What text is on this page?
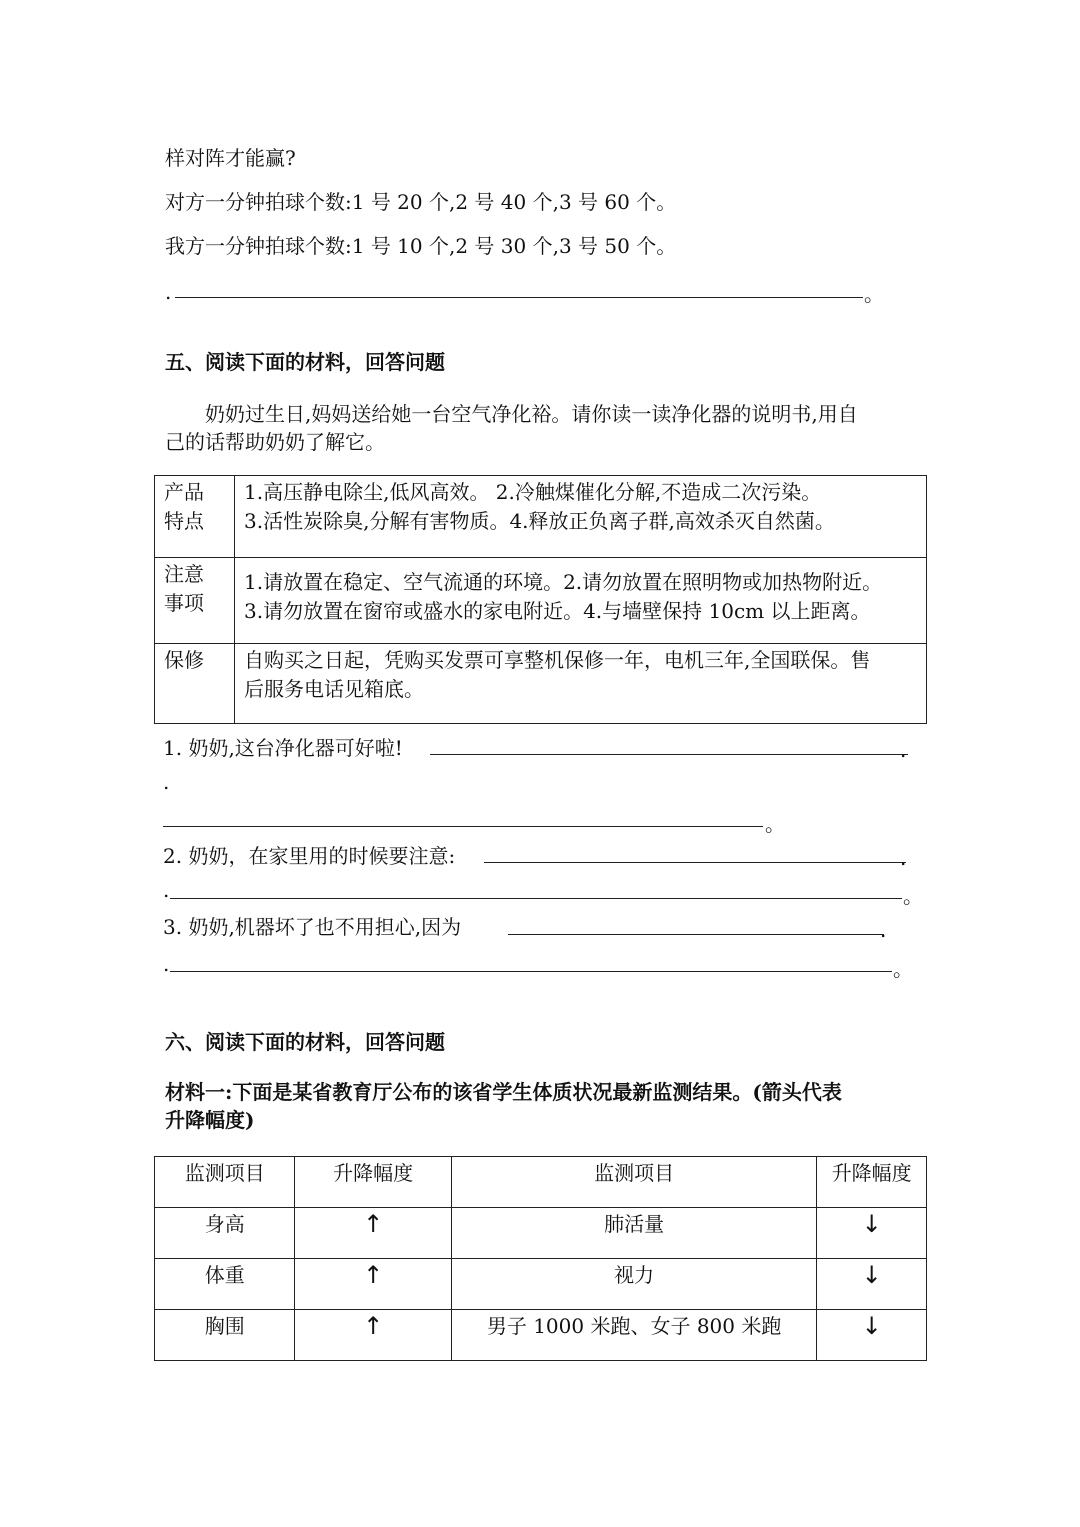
样对阵才能赢?
对方一分钟拍球个数:1 号 20 个,2 号 40 个,3 号 60 个。
我方一分钟拍球个数:1 号 10 个,2 号 30 个,3 号 50 个。
.	。
五、阅读下面的材料，回答问题
奶奶过生日,妈妈送给她一台空气净化裕。请你读一读净化器的说明书,用自
己的话帮助奶奶了解它。
产品
特点	1.高压静电除尘,低风高效。 2.冷触煤催化分解,不造成二次污染。
3.活性炭除臭,分解有害物质。4.释放正负离子群,高效杀灭自然菌。

注意
事项	1.请放置在稳定、空气流通的环境。2.请勿放置在照明物或加热物附近。
3.请勿放置在窗帘或盛水的家电附近。4.与墙壁保持 10cm 以上距离。

保修	自购买之日起，凭购买发票可享整机保修一年，电机三年,全国联保。售
后服务电话见箱底。
1. 奶奶,这台净化器可好啦!	.
.
。
2. 奶奶，在家里用的时候要注意:	.
.	。
3. 奶奶,机器坏了也不用担心,因为	.
.	。
六、阅读下面的材料，回答问题
材料一:下面是某省教育厅公布的该省学生体质状况最新监测结果。(箭头代表
升降幅度)
监测项目	升降幅度	监测项目	升降幅度
身高	↑	肺活量	↓
体重	↑	视力	↓
胸围	↑	男子 1000 米跑、女子 800 米跑	↓
